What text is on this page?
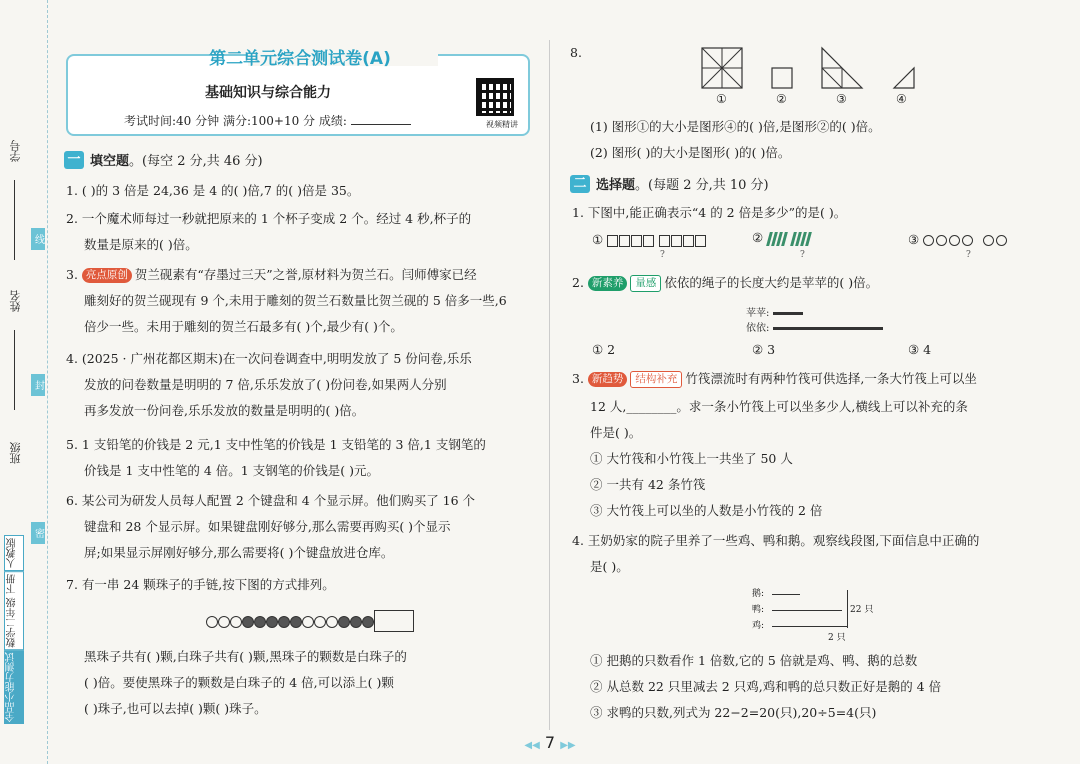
学号
姓名
班级
线
封
密
全品小能力测试
数学二年级 下册
人教版
第二单元综合测试卷(A)
基础知识与综合能力
考试时间:40 分钟 满分:100+10 分 成绩:	视频精讲
一 填空题 。(每空 2 分,共 46 分)
1. ( )的 3 倍是 24,36 是 4 的( )倍,7 的( )倍是 35。
2. 一个魔术师每过一秒就把原来的 1 个杯子变成 2 个。经过 4 秒,杯子的
数量是原来的( )倍。
3. 亮点原创 贺兰砚素有“存墨过三天”之誉,原材料为贺兰石。闫师傅家已经
雕刻好的贺兰砚现有 9 个,未用于雕刻的贺兰石数量比贺兰砚的 5 倍多一些,6
倍少一些。未用于雕刻的贺兰石最多有( )个,最少有( )个。
4. (2025 · 广州花都区期末)在一次问卷调查中,明明发放了 5 份问卷,乐乐
发放的问卷数量是明明的 7 倍,乐乐发放了( )份问卷,如果两人分别
再多发放一份问卷,乐乐发放的数量是明明的( )倍。
5. 1 支铅笔的价钱是 2 元,1 支中性笔的价钱是 1 支铅笔的 3 倍,1 支钢笔的
价钱是 1 支中性笔的 4 倍。1 支钢笔的价钱是( )元。
6. 某公司为研发人员每人配置 2 个键盘和 4 个显示屏。他们购买了 16 个
键盘和 28 个显示屏。如果键盘刚好够分,那么需要再购买( )个显示
屏;如果显示屏刚好够分,那么需要将( )个键盘放进仓库。
7. 有一串 24 颗珠子的手链,按下图的方式排列。
黑珠子共有( )颗,白珠子共有( )颗,黑珠子的颗数是白珠子的
( )倍。要使黑珠子的颗数是白珠子的 4 倍,可以添上( )颗
( )珠子,也可以去掉( )颗( )珠子。
8.
①	②	③	④
(1) 图形①的大小是图形④的( )倍,是图形②的( )倍。
(2) 图形( )的大小是图形( )的( )倍。
二 选择题 。(每题 2 分,共 10 分)
1. 下图中,能正确表示“4 的 2 倍是多少”的是( )。
①
?
②
?
③
?
2. 新素养 量感 依依的绳子的长度大约是苹苹的( )倍。
苹苹:
依依:
① 2	② 3	③ 4
3. 新趋势 结构补充 竹筏漂流时有两种竹筏可供选择,一条大竹筏上可以坐
12 人,________。求一条小竹筏上可以坐多少人,横线上可以补充的条
件是( )。
① 大竹筏和小竹筏上一共坐了 50 人
② 一共有 42 条竹筏
③ 大竹筏上可以坐的人数是小竹筏的 2 倍
4. 王奶奶家的院子里养了一些鸡、鸭和鹅。观察线段图,下面信息中正确的
是( )。
鹅:
鸭:
鸡:
22 只
2 只
① 把鹅的只数看作 1 倍数,它的 5 倍就是鸡、鸭、鹅的总数
② 从总数 22 只里减去 2 只鸡,鸡和鸭的总只数正好是鹅的 4 倍
③ 求鸭的只数,列式为 22−2=20(只),20÷5=4(只)
◀◀ 7 ▶▶
